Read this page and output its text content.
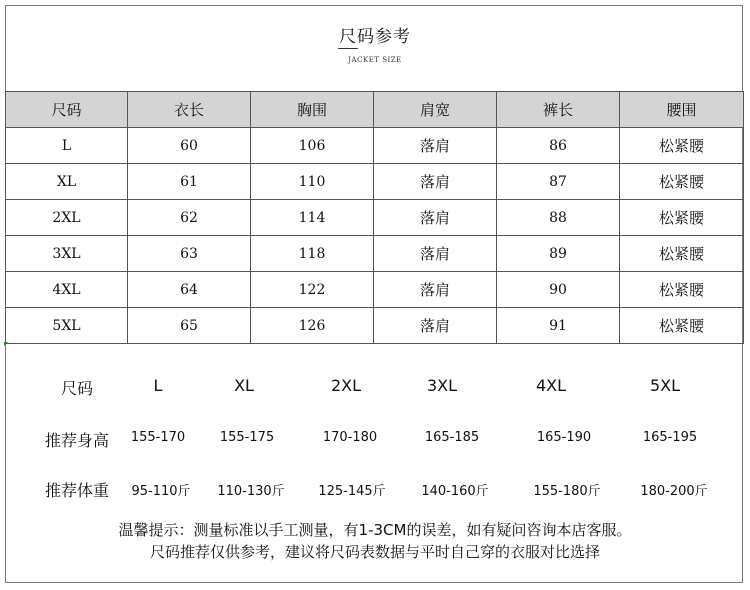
尺码参考
JACKET SIZE
尺码	衣长	胸围	肩宽	裤长	腰围
L	60	106	落肩	86	松紧腰
XL	61	110	落肩	87	松紧腰
2XL	62	114	落肩	88	松紧腰
3XL	63	118	落肩	89	松紧腰
4XL	64	122	落肩	90	松紧腰
5XL	65	126	落肩	91	松紧腰
尺码	L	XL	2XL	3XL	4XL	5XL
推荐身高 155-170	155-175	170-180	165-185	165-190	165-195
推荐体重 95-110斤 110-130斤	125-145斤	140-160斤	155-180斤	180-200斤
温馨提示：测量标准以手工测量，有1-3CM的误差，如有疑问咨询本店客服。
尺码推荐仅供参考，建议将尺码表数据与平时自己穿的衣服对比选择
